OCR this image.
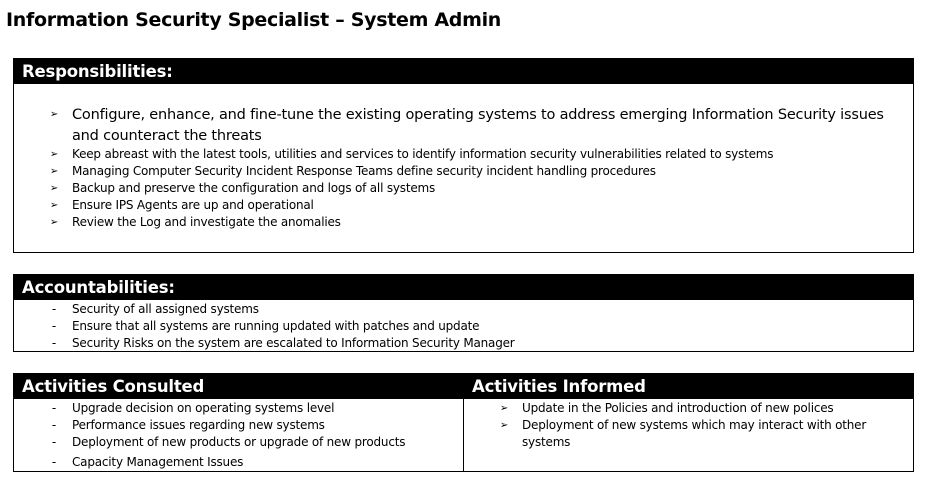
Information Security Specialist – System Admin
Responsibilities:
➢ Configure, enhance, and fine-tune the existing operating systems to address emerging Information Security issues and counteract the threats
➢	Keep abreast with the latest tools, utilities and services to identify information security vulnerabilities related to systems
➢	Managing Computer Security Incident Response Teams define security incident handling procedures
➢	Backup and preserve the configuration and logs of all systems
➢	Ensure IPS Agents are up and operational
➢	Review the Log and investigate the anomalies
Accountabilities:
-	Security of all assigned systems
-	Ensure that all systems are running updated with patches and update
-	Security Risks on the system are escalated to Information Security Manager
Activities Consulted
-	Upgrade decision on operating systems level
-	Performance issues regarding new systems
-	Deployment of new products or upgrade of new products
-	Capacity Management Issues
Activities Informed
➢	Update in the Policies and introduction of new polices
➢	Deployment of new systems which may interact with other systems
